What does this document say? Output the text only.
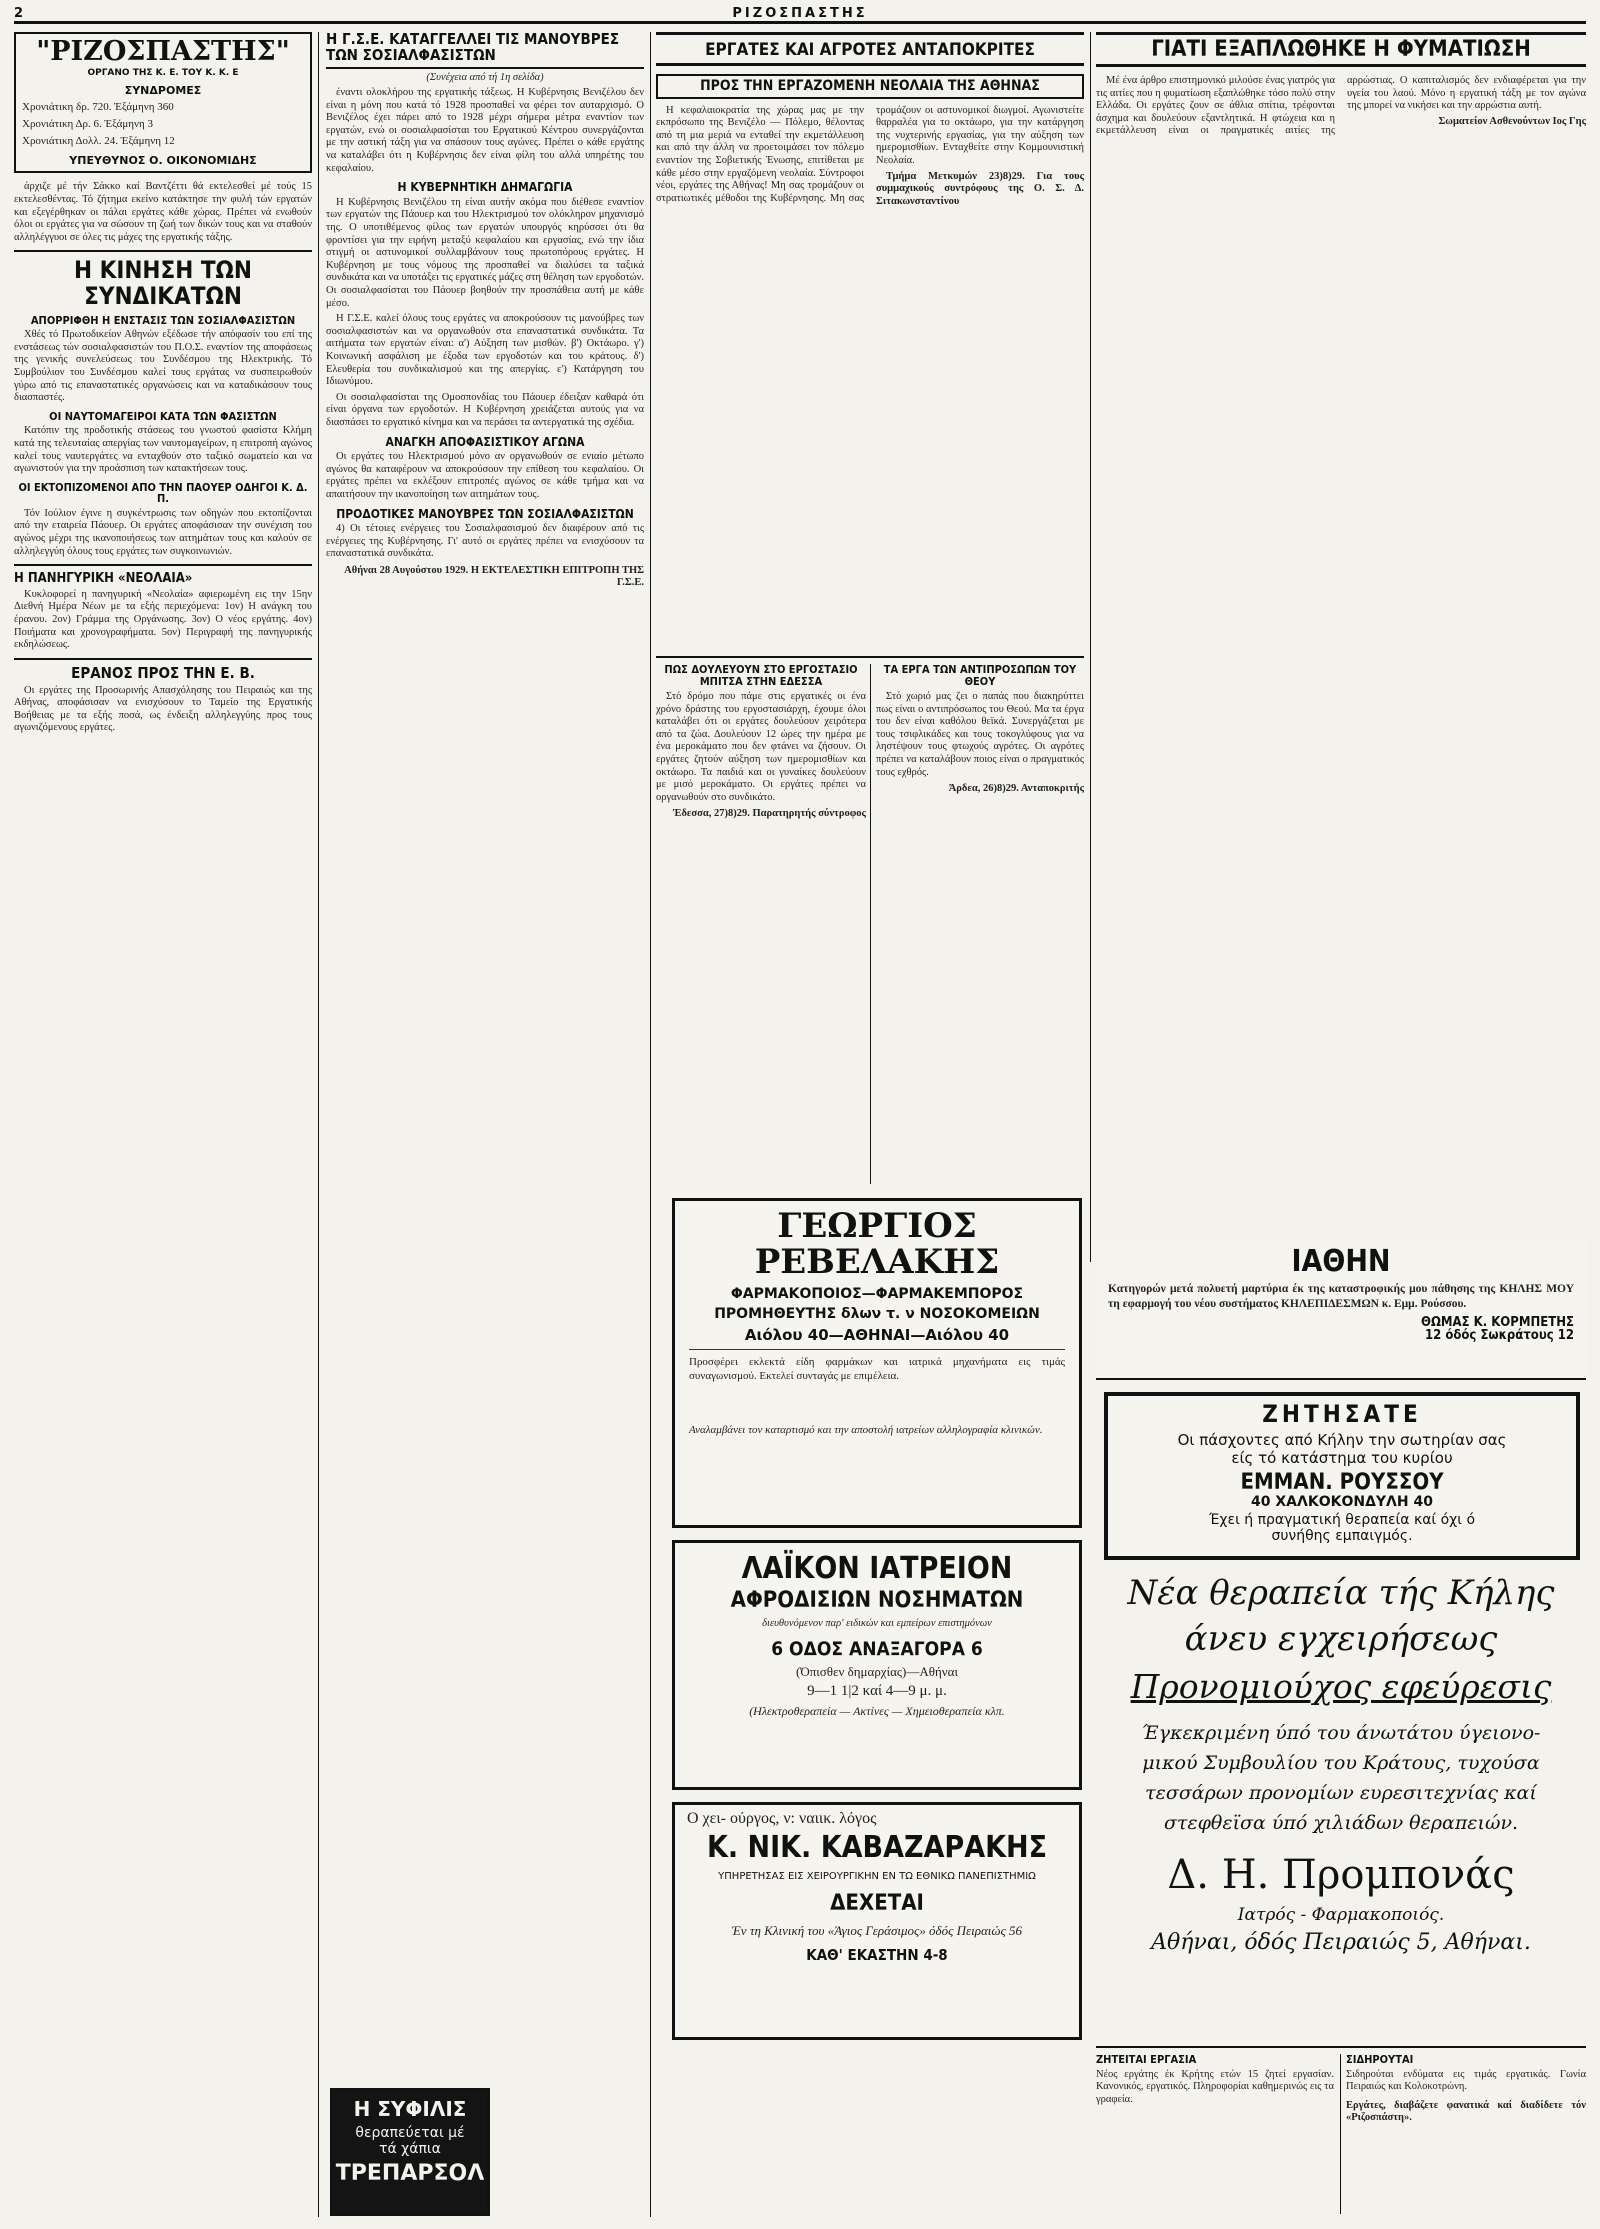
2	ΡΙΖΟΣΠΑΣΤΗΣ
"ΡΙΖΟΣΠΑΣΤΗΣ"
ΟΡΓΑΝΟ ΤΗΣ Κ. Ε. ΤΟΥ Κ. Κ. Ε
ΣΥΝΔΡΟΜΕΣ
Χρονιάτικη δρ. 720. Έξάμηνη 360
Χρονιάτικη Δρ. 6. Έξάμηνη 3
Χρονιάτικη Δολλ. 24. Έξάμηνη 12
ΥΠΕΥΘΥΝΟΣ Ο. ΟΙΚΟΝΟΜΙΔΗΣ

άρχιζε μέ τήν Σάκκο καί Βαντζέττι θά εκτελεσθεί μέ τούς 15 εκτελεσθέντας. Τό ζήτημα εκείνο κατάκτησε την φυλή τών εργατών και εξεγέρθηκαν οι πάλαι εργάτες κάθε χώρας. Πρέπει νά ενωθούν όλοι οι εργάτες για να σώσουν τη ζωή των δικών τους και να σταθούν αλληλέγγυοι σε όλες τις μάχες της εργατικής τάξης.

Η ΚΙΝΗΣΗ ΤΩΝ ΣΥΝΔΙΚΑΤΩΝ
ΑΠΟΡΡΙΦΘΗ Η ΕΝΣΤΑΣΙΣ ΤΩΝ ΣΟΣΙΑΛΦΑΣΙΣΤΩΝ

Χθές τό Πρωτοδικείον Αθηνών εξέδωσε τήν απόφασίν του επί της ενστάσεως τών σοσιαλφασιστών του Π.Ο.Σ. εναντίον της αποφάσεως της γενικής συνελεύσεως του Συνδέσμου της Ηλεκτρικής. Τό Συμβούλιον του Συνδέσμου καλεί τους εργάτας να συσπειρωθούν γύρω από τις επαναστατικές οργανώσεις και να καταδικάσουν τους διασπαστές.

ΟΙ ΝΑΥΤΟΜΑΓΕΙΡΟΙ ΚΑΤΑ ΤΩΝ ΦΑΣΙΣΤΩΝ

Κατόπιν της προδοτικής στάσεως του γνωστού φασίστα Κλήμη κατά της τελευταίας απεργίας των ναυτομαγείρων, η επιτροπή αγώνος καλεί τους ναυτεργάτες να ενταχθούν στο ταξικό σωματείο και να αγωνιστούν για την προάσπιση των κατακτήσεων τους.

ΟΙ ΕΚΤΟΠΙΖΟΜΕΝΟΙ ΑΠΟ ΤΗΝ ΠΑΟΥΕΡ ΟΔΗΓΟΙ Κ. Δ. Π.

Τόν Ιούλιον έγινε η συγκέντρωσις των οδηγών που εκτοπίζονται από την εταιρεία Πάουερ. Οι εργάτες αποφάσισαν την συνέχιση του αγώνος μέχρι της ικανοποιήσεως των αιτημάτων τους και καλούν σε αλληλεγγύη όλους τους εργάτες των συγκοινωνιών.

Η ΠΑΝΗΓΥΡΙΚΗ «ΝΕΟΛΑΙΑ»

Κυκλοφορεί η πανηγυρική «Νεολαία» αφιερωμένη εις την 15ην Διεθνή Ημέρα Νέων με τα εξής περιεχόμενα: 1ον) Η ανάγκη του έρανου. 2ον) Γράμμα της Οργάνωσης. 3ον) Ο νέος εργάτης. 4ον) Ποιήματα και χρονογραφήματα. 5ον) Περιγραφή της πανηγυρικής εκδηλώσεως.

ΕΡΑΝΟΣ ΠΡΟΣ ΤΗΝ Ε. Β.

Οι εργάτες της Προσωρινής Απασχόλησης του Πειραιώς και της Αθήνας, αποφάσισαν να ενισχύσουν το Ταμείο της Εργατικής Βοήθειας με τα εξής ποσά, ως ένδειξη αλληλεγγύης προς τους αγωνιζόμενους εργάτες.

Η Γ.Σ.Ε. ΚΑΤΑΓΓΕΛΛΕΙ ΤΙΣ ΜΑΝΟΥΒΡΕΣ ΤΩΝ ΣΟΣΙΑΛΦΑΣΙΣΤΩΝ
(Συνέχεια από τή 1η σελίδα)

έναντι ολοκλήρου της εργατικής τάξεως. Η Κυβέρνησις Βενιζέλου δεν είναι η μόνη που κατά τό 1928 προσπαθεί να φέρει τον αυταρχισμό. Ο Βενιζέλος έχει πάρει από το 1928 μέχρι σήμερα μέτρα εναντίον των εργατών, ενώ οι σοσιαλφασίσται του Εργατικού Κέντρου συνεργάζονται με την αστική τάξη για να σπάσουν τους αγώνες. Πρέπει ο κάθε εργάτης να καταλάβει ότι η Κυβέρνησις δεν είναι φίλη του αλλά υπηρέτης του κεφαλαίου.

Η ΚΥΒΕΡΝΗΤΙΚΗ ΔΗΜΑΓΩΓΙΑ

Η Κυβέρνησις Βενιζέλου τη είναι αυτήν ακόμα που διέθεσε εναντίον των εργατών της Πάουερ και του Ηλεκτρισμού τον ολόκληρον μηχανισμό της. Ο υποτιθέμενος φίλος των εργατών υπουργός κηρύσσει ότι θα φροντίσει για την ειρήνη μεταξύ κεφαλαίου και εργασίας, ενώ την ίδια στιγμή οι αστυνομικοί συλλαμβάνουν τους πρωτοπόρους εργάτες. Η Κυβέρνηση με τους νόμους της προσπαθεί να διαλύσει τα ταξικά συνδικάτα και να υποτάξει τις εργατικές μάζες στη θέληση των εργοδοτών. Οι σοσιαλφασίσται του Πάουερ βοηθούν την προσπάθεια αυτή με κάθε μέσο.

Η Γ.Σ.Ε. καλεί όλους τους εργάτες να αποκρούσουν τις μανούβρες των σοσιαλφασιστών και να οργανωθούν στα επαναστατικά συνδικάτα. Τα αιτήματα των εργατών είναι: α') Αύξηση των μισθών. β') Οκτάωρο. γ') Κοινωνική ασφάλιση με έξοδα των εργοδοτών και του κράτους. δ') Ελευθερία του συνδικαλισμού και της απεργίας. ε') Κατάργηση του Ιδιωνύμου.

Οι σοσιαλφασίσται της Ομοσπονδίας του Πάουερ έδειξαν καθαρά ότι είναι όργανα των εργοδοτών. Η Κυβέρνηση χρειάζεται αυτούς για να διασπάσει το εργατικό κίνημα και να περάσει τα αντεργατικά της σχέδια.

ΑΝΑΓΚΗ ΑΠΟΦΑΣΙΣΤΙΚΟΥ ΑΓΩΝΑ

Οι εργάτες του Ηλεκτρισμού μόνο αν οργανωθούν σε ενιαίο μέτωπο αγώνος θα καταφέρουν να αποκρούσουν την επίθεση του κεφαλαίου. Οι εργάτες πρέπει να εκλέξουν επιτροπές αγώνος σε κάθε τμήμα και να απαιτήσουν την ικανοποίηση των αιτημάτων τους.

ΠΡΟΔΟΤΙΚΕΣ ΜΑΝΟΥΒΡΕΣ ΤΩΝ ΣΟΣΙΑΛΦΑΣΙΣΤΩΝ

4) Οι τέτοιες ενέργειες του Σοσιαλφασισμού δεν διαφέρουν από τις ενέργειες της Κυβέρνησης. Γι' αυτό οι εργάτες πρέπει να ενισχύσουν τα επαναστατικά συνδικάτα.

Αθήναι 28 Αυγούστου 1929. Η ΕΚΤΕΛΕΣΤΙΚΗ ΕΠΙΤΡΟΠΗ ΤΗΣ Γ.Σ.Ε.
Η ΣΥΦΙΛΙΣ
θεραπεύεται μέ
τά χάπια
ΤΡΕΠΑΡΣΟΛ
ΕΡΓΑΤΕΣ ΚΑΙ ΑΓΡΟΤΕΣ ΑΝΤΑΠΟΚΡΙΤΕΣ
ΠΡΟΣ ΤΗΝ ΕΡΓΑΖΟΜΕΝΗ ΝΕΟΛΑΙΑ ΤΗΣ ΑΘΗΝΑΣ

Η κεφαλαιοκρατία της χώρας μας με την εκπρόσωπο της Βενιζέλο — Πόλεμο, θέλοντας από τη μια μεριά να ενταθεί την εκμετάλλευση και από την άλλη να προετοιμάσει τον πόλεμο εναντίον της Σοβιετικής Ένωσης, επιτίθεται με κάθε μέσο στην εργαζόμενη νεολαία. Σύντροφοι νέοι, εργάτες της Αθήνας! Μη σας τρομάζουν οι στρατιωτικές μέθοδοι της Κυβέρνησης. Μη σας τρομάζουν οι αστυνομικοί διωγμοί. Αγωνιστείτε θαρραλέα για το οκτάωρο, για την κατάργηση της νυχτερινής εργασίας, για την αύξηση των ημερομισθίων. Ενταχθείτε στην Κομμουνιστική Νεολαία.

Τμήμα Μετκυμών 23)8)29. Για τους συμμαχικούς συντρόφους της Ο. Σ. Δ. Σιτακωνσταντίνου

ΠΩΣ ΔΟΥΛΕΥΟΥΝ ΣΤΟ ΕΡΓΟΣΤΑΣΙΟ ΜΠΙΤΣΑ ΣΤΗΝ ΕΔΕΣΣΑ

Στό δρόμο που πάμε στις εργατικές οι ένα χρόνο δράστης του εργοστασιάρχη, έχουμε όλοι καταλάβει ότι οι εργάτες δουλεύουν χειρότερα από τα ζώα. Δουλεύουν 12 ώρες την ημέρα με ένα μεροκάματο που δεν φτάνει να ζήσουν. Οι εργάτες ζητούν αύξηση των ημερομισθίων και οκτάωρο. Τα παιδιά και οι γυναίκες δουλεύουν με μισό μεροκάματο. Οι εργάτες πρέπει να οργανωθούν στο συνδικάτο.

Έδεσσα, 27)8)29. Παρατηρητής σύντροφος
ΤΑ ΕΡΓΑ ΤΩΝ ΑΝΤΙΠΡΟΣΩΠΩΝ ΤΟΥ ΘΕΟΥ

Στό χωριό μας ζει ο παπάς που διακηρύττει πως είναι ο αντιπρόσωπος του Θεού. Μα τα έργα του δεν είναι καθόλου θεϊκά. Συνεργάζεται με τους τσιφλικάδες και τους τοκογλύφους για να ληστέψουν τους φτωχούς αγρότες. Οι αγρότες πρέπει να καταλάβουν ποιος είναι ο πραγματικός τους εχθρός.

Άρδεα, 26)8)29. Ανταποκριτής
ΓΕΩΡΓΙΟΣ ΡΕΒΕΛΑΚΗΣ
ΦΑΡΜΑΚΟΠΟΙΟΣ—ΦΑΡΜΑΚΕΜΠΟΡΟΣ
ΠΡΟΜΗΘΕΥΤΗΣ δλων τ. ν ΝΟΣΟΚΟΜΕΙΩΝ
Αιόλου 40—ΑΘΗΝΑΙ—Αιόλου 40
Προσφέρει εκλεκτά είδη φαρμάκων και ιατρικά μηχανήματα εις τιμάς συναγωνισμού. Εκτελεί συνταγάς με επιμέλεια.
Αναλαμβάνει τον καταρτισμό και την αποστολή ιατρείων αλληλογραφία κλινικών.
ΛΑΪΚΟΝ ΙΑΤΡΕΙΟΝ
ΑΦΡΟΔΙΣΙΩΝ ΝΟΣΗΜΑΤΩΝ
διευθυνόμενον παρ' ειδικών και εμπείρων επιστημόνων
6 ΟΔΟΣ ΑΝΑΞΑΓΟΡΑ 6
(Όπισθεν δημαρχίας)—Αθήναι
9—1 1|2 καί 4—9 μ. μ.
(Ηλεκτροθεραπεία — Ακτίνες — Χημειοθεραπεία κλπ.
Ο χει- ούργος, ν: ναιικ. λόγος
Κ. ΝΙΚ. ΚΑΒΑΖΑΡΑΚΗΣ
ΥΠΗΡΕΤΗΣΑΣ ΕΙΣ ΧΕΙΡΟΥΡΓΙΚΗΝ ΕΝ ΤΩ ΕΘΝΙΚΩ ΠΑΝΕΠΙΣΤΗΜΙΩ
ΔΕΧΕΤΑΙ
Έν τη Κλινική του «Άγιος Γεράσιμος» όδός Πειραιώς 56
ΚΑΘ' ΕΚΑΣΤΗΝ 4-8
ΓΙΑΤΙ ΕΞΑΠΛΩΘΗΚΕ Η ΦΥΜΑΤΙΩΣΗ

Μέ ένα άρθρο επιστημονικό μιλούσε ένας γιατρός για τις αιτίες που η φυματίωση εξαπλώθηκε τόσο πολύ στην Ελλάδα. Οι εργάτες ζουν σε άθλια σπίτια, τρέφονται άσχημα και δουλεύουν εξαντλητικά. Η φτώχεια και η εκμετάλλευση είναι οι πραγματικές αιτίες της αρρώστιας. Ο καπιταλισμός δεν ενδιαφέρεται για την υγεία του λαού. Μόνο η εργατική τάξη με τον αγώνα της μπορεί να νικήσει και την αρρώστια αυτή.

Σωματείον Ασθενούντων Ιος Γης

ΙΑΘΗΝ
Κατηγορών μετά πολυετή μαρτύρια έκ της καταστροφικής μου πάθησης της ΚΗΛΗΣ ΜΟΥ τη εφαρμογή του νέου συστήματος ΚΗΛΕΠΙΔΕΣΜΩΝ κ. Εμμ. Ρούσσου.
ΘΩΜΑΣ Κ. ΚΟΡΜΠΕΤΗΣ
12 όδός Σωκράτους 12
ΖΗΤΗΣΑΤΕ
Οι πάσχοντες από Κήλην την σωτηρίαν σας
είς τό κατάστημα του κυρίου
ΕΜΜΑΝ. ΡΟΥΣΣΟΥ
40 ΧΑΛΚΟΚΟΝΔΥΛΗ 40
Έχει ή πραγματική θεραπεία καί όχι ό
συνήθης εμπαιγμός.
Νέα θεραπεία τής Κήλης
άνευ εγχειρήσεως
Προνομιούχος εφεύρεσις
Έγκεκριμένη ύπό του άνωτάτου ύγειονο-
μικού Συμβουλίου του Κράτους, τυχούσα
τεσσάρων προνομίων ευρεσιτεχνίας καί
στεφθεϊσα ύπό χιλιάδων θεραπειών.
Δ. Η. Προμπονάς
Ιατρός - Φαρμακοποιός.
Αθήναι, όδός Πειραιώς 5, Αθήναι.
ΖΗΤΕΙΤΑΙ ΕΡΓΑΣΙΑ
Νέος εργάτης έκ Κρήτης ετών 15 ζητεί εργασίαν. Κανονικός, εργατικός. Πληροφορίαι καθημερινώς εις τα γραφεία.
ΣΙΔΗΡΟΥΤΑΙ
Σιδηρούται ενδύματα εις τιμάς εργατικάς. Γωνία Πειραιώς και Κολοκοτρώνη.
Εργάτες, διαβάζετε φανατικά καί διαδίδετε τόν «Ριζοσπάστη».
